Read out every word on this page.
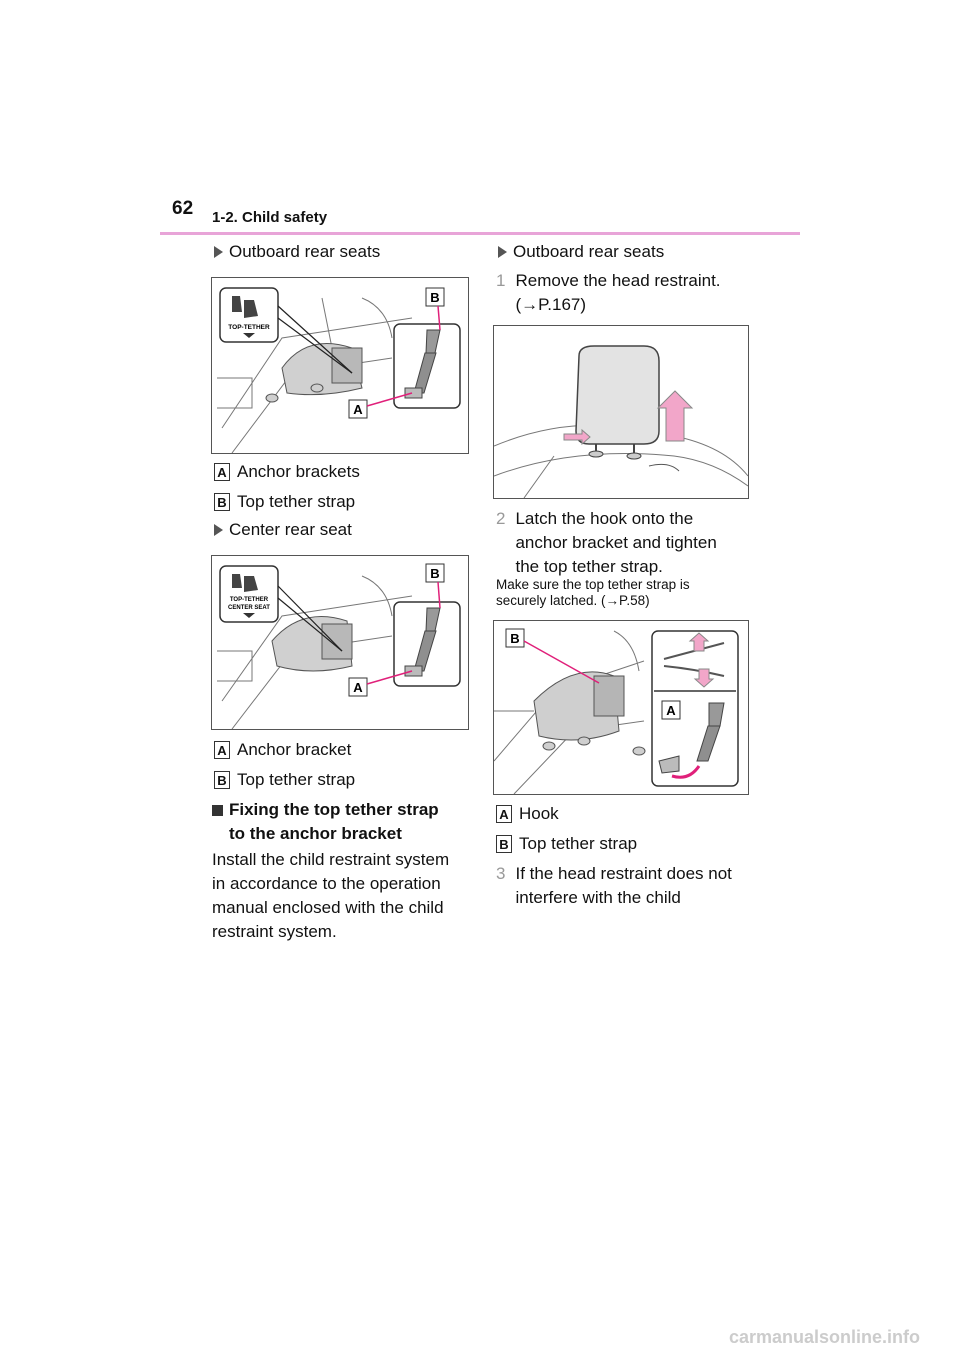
62 1-2. Child safety
Outboard rear seats
TOP-TETHER
B
A
A Anchor brackets
B Top tether strap
Center rear seat
TOP-TETHER
CENTER SEAT
B
A
A Anchor bracket
B Top tether strap
Fixing the top tether strap
to the anchor bracket
Install the child restraint system
in accordance to the operation
manual enclosed with the child
restraint system.
Outboard rear seats
1 Remove the head restraint.
(→P.167)
2 Latch the hook onto the
anchor bracket and tighten
the top tether strap.
Make sure the top tether strap is
securely latched. (→P.58)
B
A
A Hook
B Top tether strap
3 If the head restraint does not
interfere with the child
carmanualsonline.info
